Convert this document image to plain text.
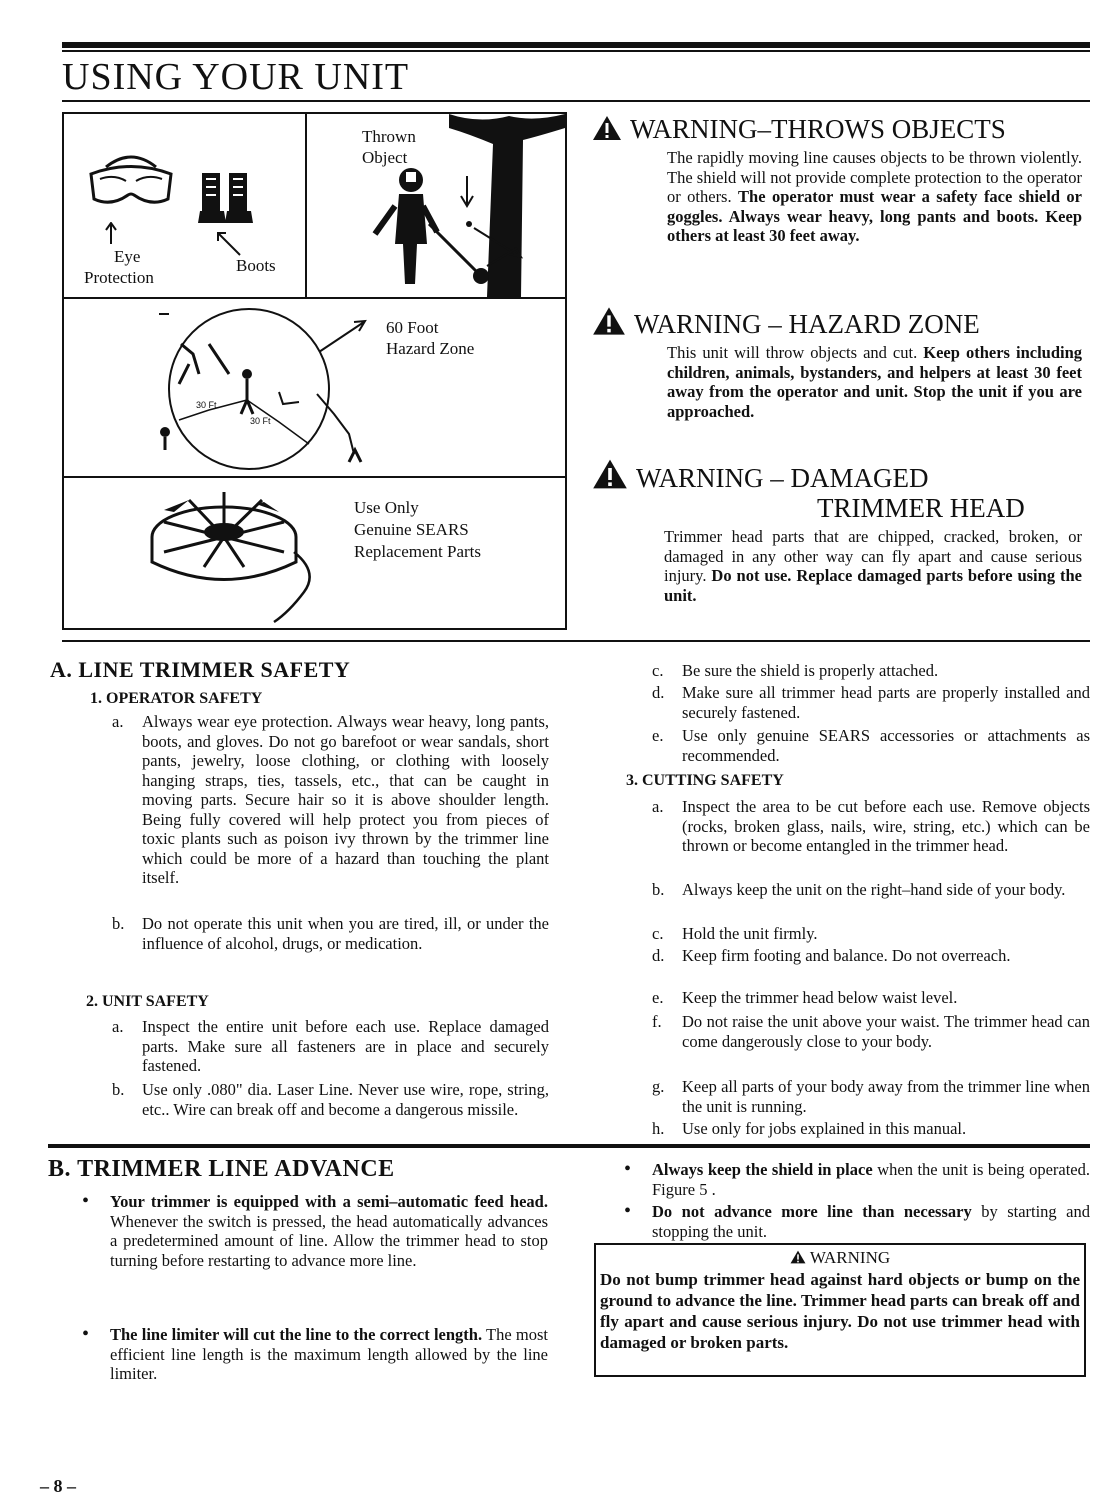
USING YOUR UNIT
Eye
Protection
Boots
Thrown
Object
30 Ft
30 Ft
60 Foot
Hazard Zone
Use Only
Genuine SEARS
Replacement Parts
WARNING–THROWS OBJECTS
The rapidly moving line causes objects to be thrown violently. The shield will not provide complete protection to the operator or others. The operator must wear a safety face shield or goggles. Always wear heavy, long pants and boots. Keep others at least 30 feet away.
WARNING – HAZARD ZONE
This unit will throw objects and cut. Keep others including children, animals, bystanders, and helpers at least 30 feet away from the operator and unit. Stop the unit if you are approached.
WARNING – DAMAGED
TRIMMER HEAD
Trimmer head parts that are chipped, cracked, broken, or damaged in any other way can fly apart and cause serious injury. Do not use. Replace damaged parts before using the unit.
A. LINE TRIMMER SAFETY
1. OPERATOR SAFETY
a. Always wear eye protection. Always wear heavy, long pants, boots, and gloves. Do not go barefoot or wear sandals, short pants, jewelry, loose clothing, or clothing with loosely hanging straps, ties, tassels, etc., that can be caught in moving parts. Secure hair so it is above shoulder length. Being fully covered will help protect you from pieces of toxic plants such as poison ivy thrown by the trimmer line which could be more of a hazard than touching the plant itself.
b. Do not operate this unit when you are tired, ill, or under the influence of alcohol, drugs, or medication.
2. UNIT SAFETY
a. Inspect the entire unit before each use. Replace damaged parts. Make sure all fasteners are in place and securely fastened.
b. Use only .080" dia. Laser Line. Never use wire, rope, string, etc.. Wire can break off and become a dangerous missile.
c. Be sure the shield is properly attached.
d. Make sure all trimmer head parts are properly installed and securely fastened.
e. Use only genuine SEARS accessories or attachments as recommended.
3. CUTTING SAFETY
a. Inspect the area to be cut before each use. Remove objects (rocks, broken glass, nails, wire, string, etc.) which can be thrown or become entangled in the trimmer head.
b. Always keep the unit on the right–hand side of your body.
c. Hold the unit firmly.
d. Keep firm footing and balance. Do not overreach.
e. Keep the trimmer head below waist level.
f. Do not raise the unit above your waist. The trimmer head can come dangerously close to your body.
g. Keep all parts of your body away from the trimmer line when the unit is running.
h. Use only for jobs explained in this manual.
B. TRIMMER LINE ADVANCE
• Your trimmer is equipped with a semi–automatic feed head. Whenever the switch is pressed, the head automatically advances a predetermined amount of line. Allow the trimmer head to stop turning before restarting to advance more line.
• The line limiter will cut the line to the correct length. The most efficient line length is the maximum length allowed by the line limiter.
• Always keep the shield in place when the unit is being operated. Figure 5 .
• Do not advance more line than necessary by starting and stopping the unit.
WARNING
Do not bump trimmer head against hard objects or bump on the ground to advance the line. Trimmer head parts can break off and fly apart and cause serious injury. Do not use trimmer head with damaged or broken parts.
– 8 –
